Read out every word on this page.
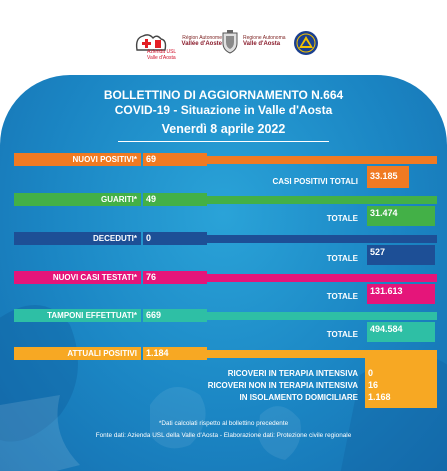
Azienda USL
Valle d'Aosta
Région Autonome
Vallée d'Aoste
Regione Autonoma
Valle d'Aosta
BOLLETTINO DI AGGIORNAMENTO N.664
COVID-19 - Situazione in Valle d'Aosta
Venerdì 8 aprile 2022
NUOVI POSITIVI* 69
CASI POSITIVI TOTALI
33.185
GUARITI* 49
TOTALE
31.474
DECEDUTI* 0
TOTALE
527
NUOVI CASI TESTATI* 76
TOTALE
131.613
TAMPONI EFFETTUATI* 669
TOTALE
494.584
ATTUALI POSITIVI 1.184
RICOVERI IN TERAPIA INTENSIVA 0
RICOVERI NON IN TERAPIA INTENSIVA 16
IN ISOLAMENTO DOMICILIARE 1.168
*Dati calcolati rispetto al bollettino precedente
Fonte dati: Azienda USL della Valle d'Aosta - Elaborazione dati: Protezione civile regionale
